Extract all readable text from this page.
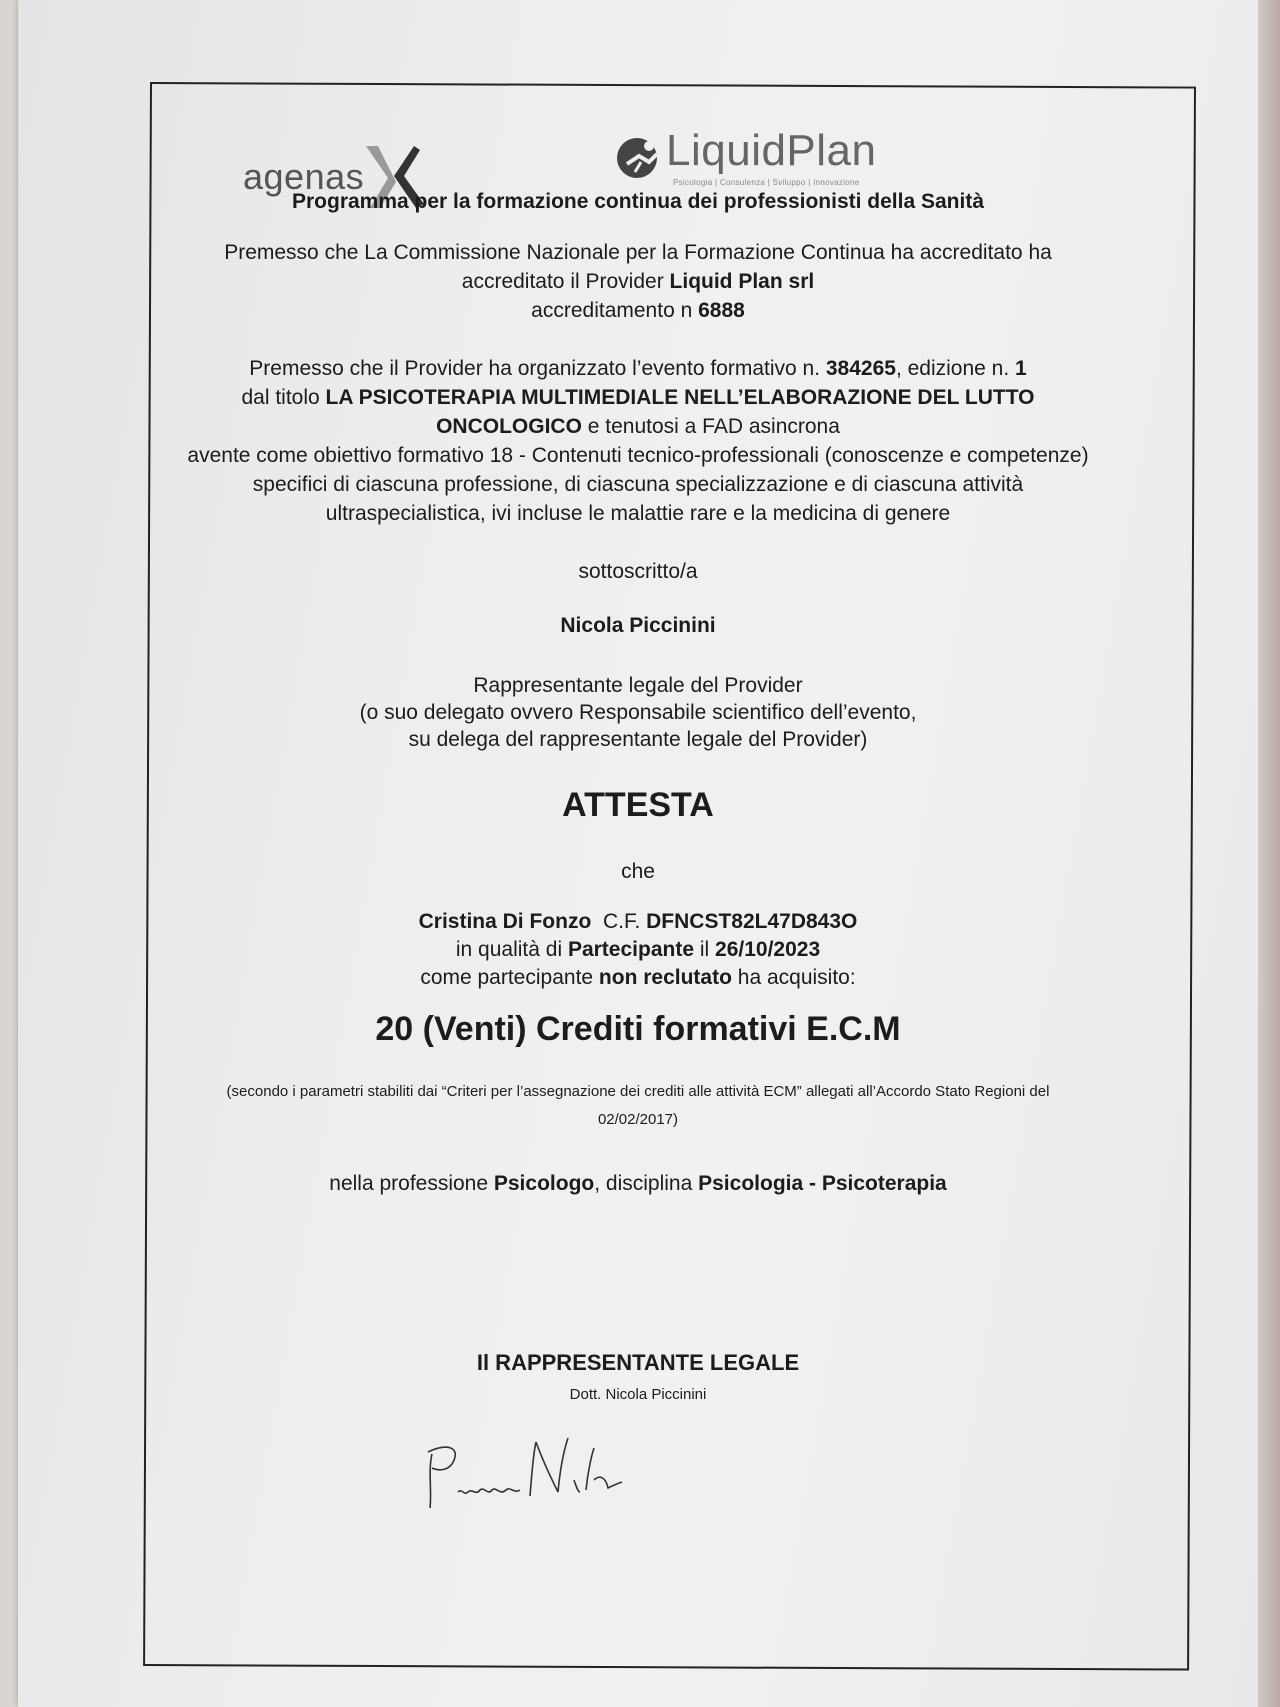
agenas
LiquidPlan
Psicologia | Consulenza | Sviluppo | Innovazione
Programma per la formazione continua dei professionisti della Sanità
Premesso che La Commissione Nazionale per la Formazione Continua ha accreditato ha
accreditato il Provider Liquid Plan srl
accreditamento n 6888
Premesso che il Provider ha organizzato l’evento formativo n. 384265, edizione n. 1
dal titolo LA PSICOTERAPIA MULTIMEDIALE NELL’ELABORAZIONE DEL LUTTO
ONCOLOGICO e tenutosi a FAD asincrona
avente come obiettivo formativo 18 - Contenuti tecnico-professionali (conoscenze e competenze)
specifici di ciascuna professione, di ciascuna specializzazione e di ciascuna attività
ultraspecialistica, ivi incluse le malattie rare e la medicina di genere
sottoscritto/a
Nicola Piccinini
Rappresentante legale del Provider
(o suo delegato ovvero Responsabile scientifico dell’evento,
su delega del rappresentante legale del Provider)
ATTESTA
che
Cristina Di Fonzo  C.F. DFNCST82L47D843O
in qualità di Partecipante il 26/10/2023
come partecipante non reclutato ha acquisito:
20 (Venti) Crediti formativi E.C.M
(secondo i parametri stabiliti dai “Criteri per l’assegnazione dei crediti alle attività ECM” allegati all’Accordo Stato Regioni del
02/02/2017)
nella professione Psicologo, disciplina Psicologia - Psicoterapia
Il RAPPRESENTANTE LEGALE
Dott. Nicola Piccinini
